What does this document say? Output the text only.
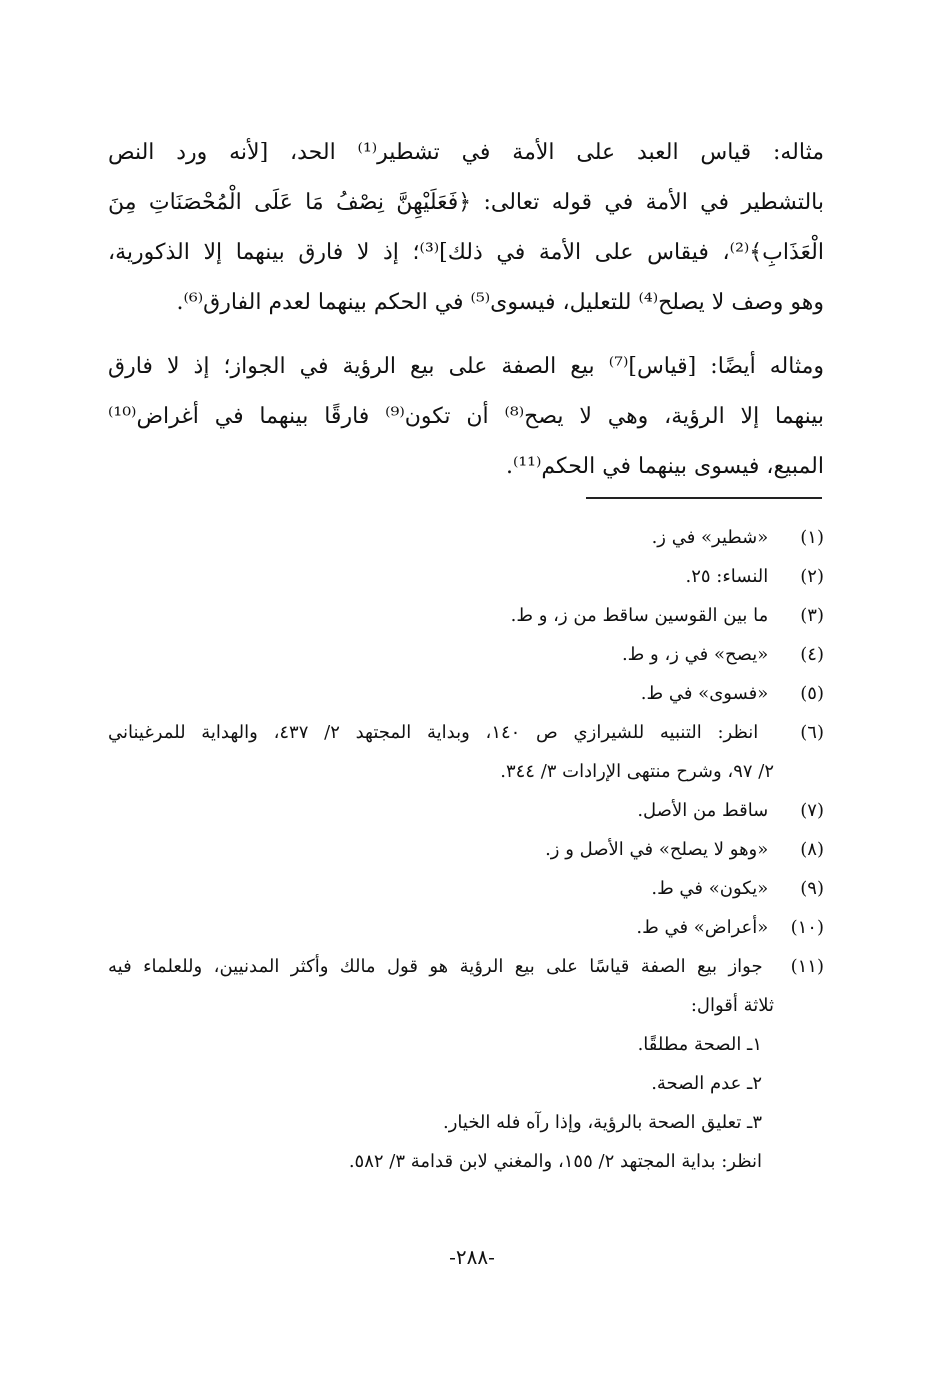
مثاله: قياس العبد على الأمة في تشطير⁽¹⁾ الحد، [لأنه ورد النص
بالتشطير في الأمة في قوله تعالى: ﴿فَعَلَيْهِنَّ نِصْفُ مَا عَلَى الْمُحْصَنَاتِ مِنَ
الْعَذَابِ﴾⁽²⁾، فيقاس على الأمة في ذلك]⁽³⁾؛ إذ لا فارق بينهما إلا الذكورية،
وهو وصف لا يصلح⁽⁴⁾ للتعليل، فيسوى⁽⁵⁾ في الحكم بينهما لعدم الفارق⁽⁶⁾.
ومثاله أيضًا: [قياس]⁽⁷⁾ بيع الصفة على بيع الرؤية في الجواز؛ إذ لا فارق
بينهما إلا الرؤية، وهي لا يصح⁽⁸⁾ أن تكون⁽⁹⁾ فارقًا بينهما في أغراض⁽¹⁰⁾
المبيع، فيسوى بينهما في الحكم⁽¹¹⁾.
(١) «شطير» في ز.
(٢) النساء: ٢٥.
(٣) ما بين القوسين ساقط من ز، و ط.
(٤) «يصح» في ز، و ط.
(٥) «فسوى» في ط.
(٦) انظر: التنبيه للشيرازي ص ١٤٠، وبداية المجتهد ٢/ ٤٣٧، والهداية للمرغيناني
٢/ ٩٧، وشرح منتهى الإرادات ٣/ ٣٤٤.
(٧) ساقط من الأصل.
(٨) «وهو لا يصلح» في الأصل و ز.
(٩) «يكون» في ط.
(١٠) «أعراض» في ط.
(١١) جواز بيع الصفة قياسًا على بيع الرؤية هو قول مالك وأكثر المدنيين، وللعلماء فيه
ثلاثة أقوال:
١ـ الصحة مطلقًا.
٢ـ عدم الصحة.
٣ـ تعليق الصحة بالرؤية، وإذا رآه فله الخيار.
انظر: بداية المجتهد ٢/ ١٥٥، والمغني لابن قدامة ٣/ ٥٨٢.
-٢٨٨-
